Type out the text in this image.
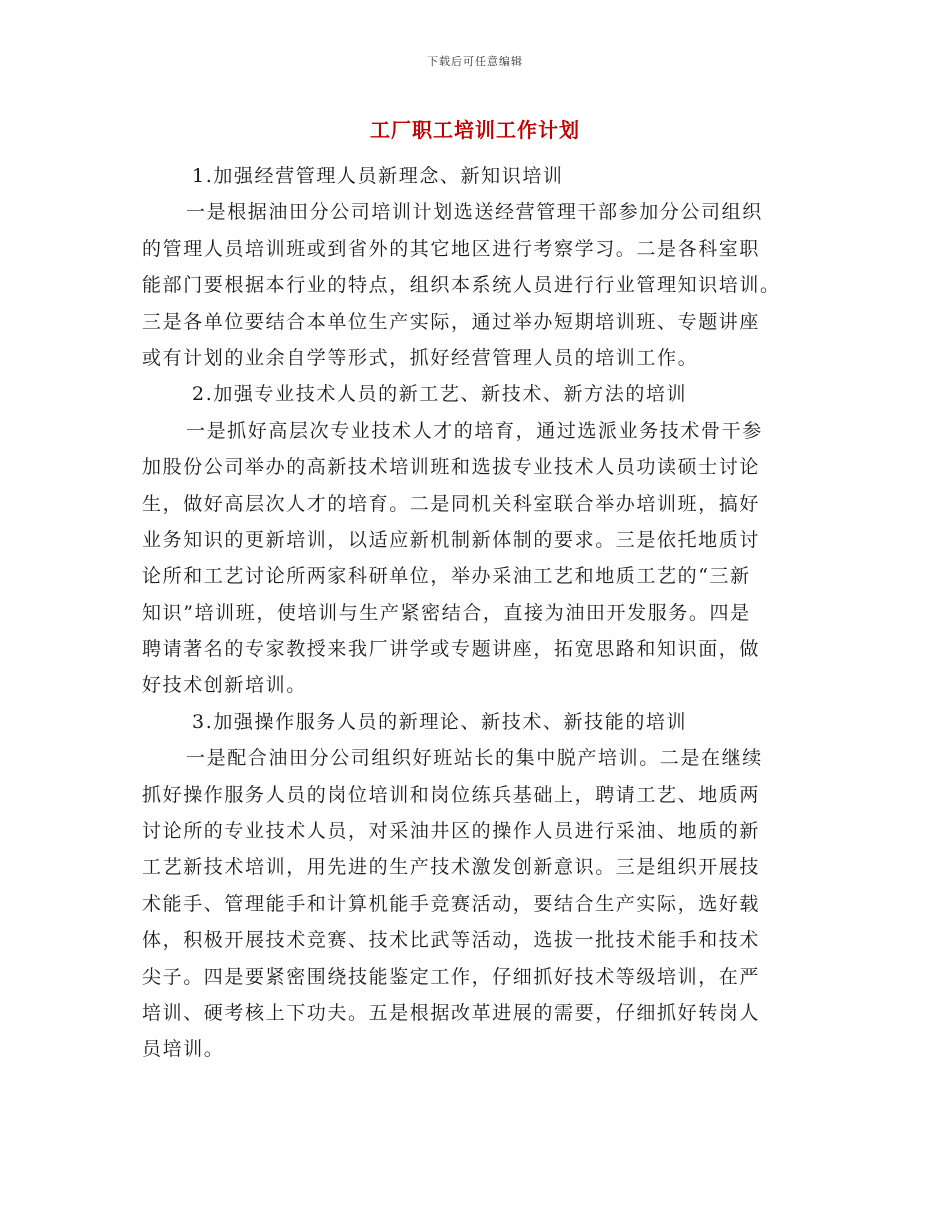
下载后可任意编辑
工厂职工培训工作计划
1.加强经营管理人员新理念、新知识培训
一是根据油田分公司培训计划选送经营管理干部参加分公司组织
的管理人员培训班或到省外的其它地区进行考察学习。二是各科室职
能部门要根据本行业的特点，组织本系统人员进行行业管理知识培训。
三是各单位要结合本单位生产实际，通过举办短期培训班、专题讲座
或有计划的业余自学等形式，抓好经营管理人员的培训工作。
2.加强专业技术人员的新工艺、新技术、新方法的培训
一是抓好高层次专业技术人才的培育，通过选派业务技术骨干参
加股份公司举办的高新技术培训班和选拔专业技术人员功读硕士讨论
生，做好高层次人才的培育。二是同机关科室联合举办培训班，搞好
业务知识的更新培训，以适应新机制新体制的要求。三是依托地质讨
论所和工艺讨论所两家科研单位，举办采油工艺和地质工艺的“三新
知识”培训班，使培训与生产紧密结合，直接为油田开发服务。四是
聘请著名的专家教授来我厂讲学或专题讲座，拓宽思路和知识面，做
好技术创新培训。
3.加强操作服务人员的新理论、新技术、新技能的培训
一是配合油田分公司组织好班站长的集中脱产培训。二是在继续
抓好操作服务人员的岗位培训和岗位练兵基础上，聘请工艺、地质两
讨论所的专业技术人员，对采油井区的操作人员进行采油、地质的新
工艺新技术培训，用先进的生产技术激发创新意识。三是组织开展技
术能手、管理能手和计算机能手竞赛活动，要结合生产实际，选好载
体，积极开展技术竞赛、技术比武等活动，选拔一批技术能手和技术
尖子。四是要紧密围绕技能鉴定工作，仔细抓好技术等级培训，在严
培训、硬考核上下功夫。五是根据改革进展的需要，仔细抓好转岗人
员培训。
